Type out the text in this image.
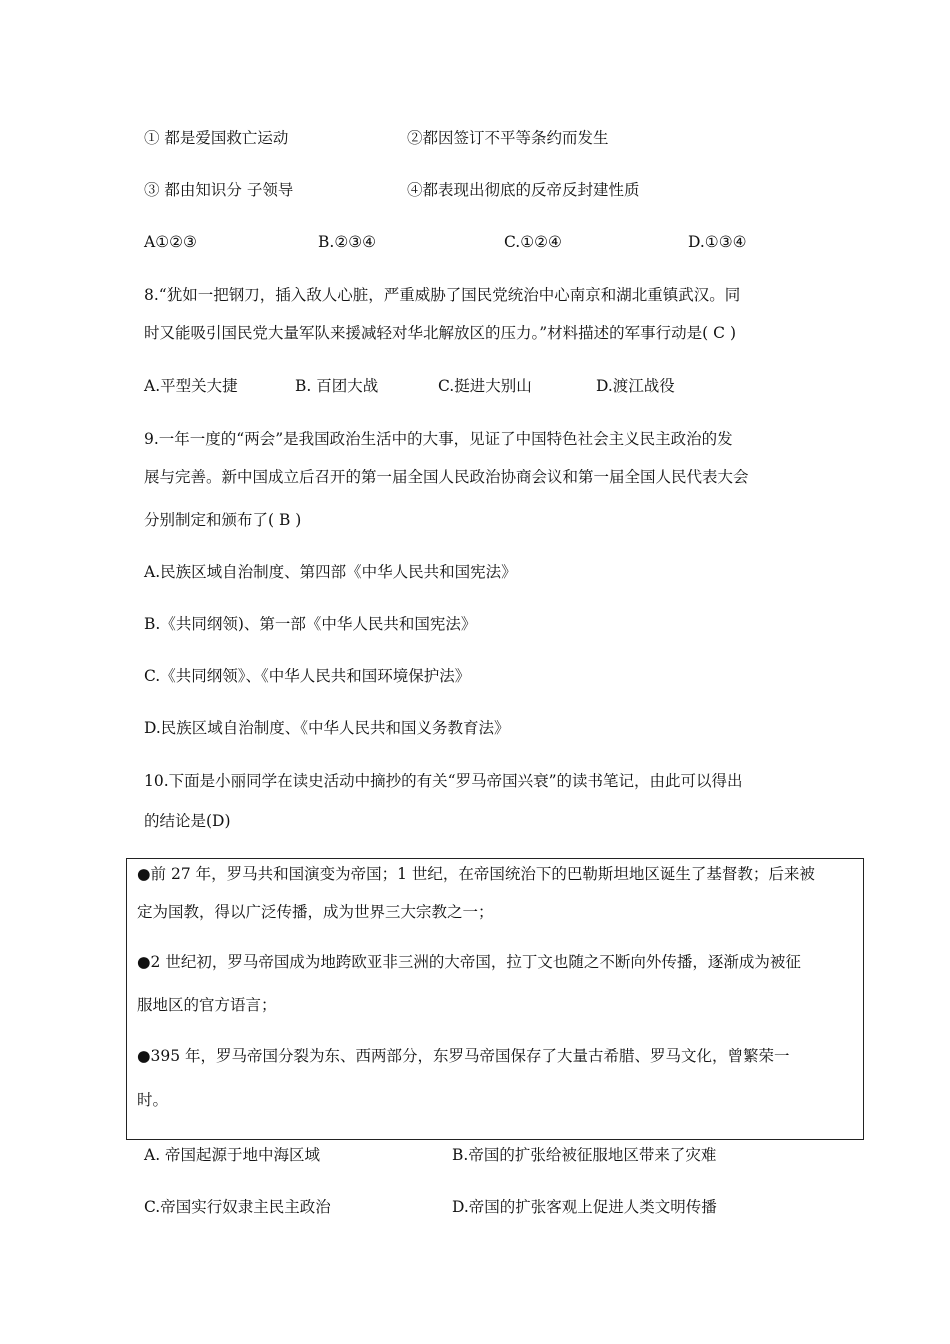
① 都是爱国救亡运动	②都因签订不平等条约而发生
③ 都由知识分 子领导	④都表现出彻底的反帝反封建性质
A①②③	B.②③④	C.①②④	D.①③④
8.“犹如一把钢刀，插入敌人心脏，严重威胁了国民党统治中心南京和湖北重镇武汉。同
时又能吸引国民党大量军队来援减轻对华北解放区的压力。”材料描述的军事行动是( C )
A.平型关大捷	B. 百团大战	C.挺进大别山	D.渡江战役
9.一年一度的“两会”是我国政治生活中的大事，见证了中国特色社会主义民主政治的发
展与完善。新中国成立后召开的第一届全国人民政治协商会议和第一届全国人民代表大会
分别制定和颁布了( B )
A.民族区域自治制度、第四部《中华人民共和国宪法》
B.《共同纲领)、第一部《中华人民共和国宪法》
C.《共同纲领》、《中华人民共和国环境保护法》
D.民族区域自治制度、《中华人民共和国义务教育法》
10.下面是小丽同学在读史活动中摘抄的有关“罗马帝国兴衰”的读书笔记，由此可以得出
的结论是(D)
●前 27 年，罗马共和国演变为帝国；1 世纪，在帝国统治下的巴勒斯坦地区诞生了基督教；后来被
定为国教，得以广泛传播，成为世界三大宗教之一；
●2 世纪初，罗马帝国成为地跨欧亚非三洲的大帝国，拉丁文也随之不断向外传播，逐渐成为被征
服地区的官方语言；
●395 年，罗马帝国分裂为东、西两部分，东罗马帝国保存了大量古希腊、罗马文化，曾繁荣一
时。
A. 帝国起源于地中海区域	B.帝国的扩张给被征服地区带来了灾难
C.帝国实行奴隶主民主政治	D.帝国的扩张客观上促进人类文明传播
